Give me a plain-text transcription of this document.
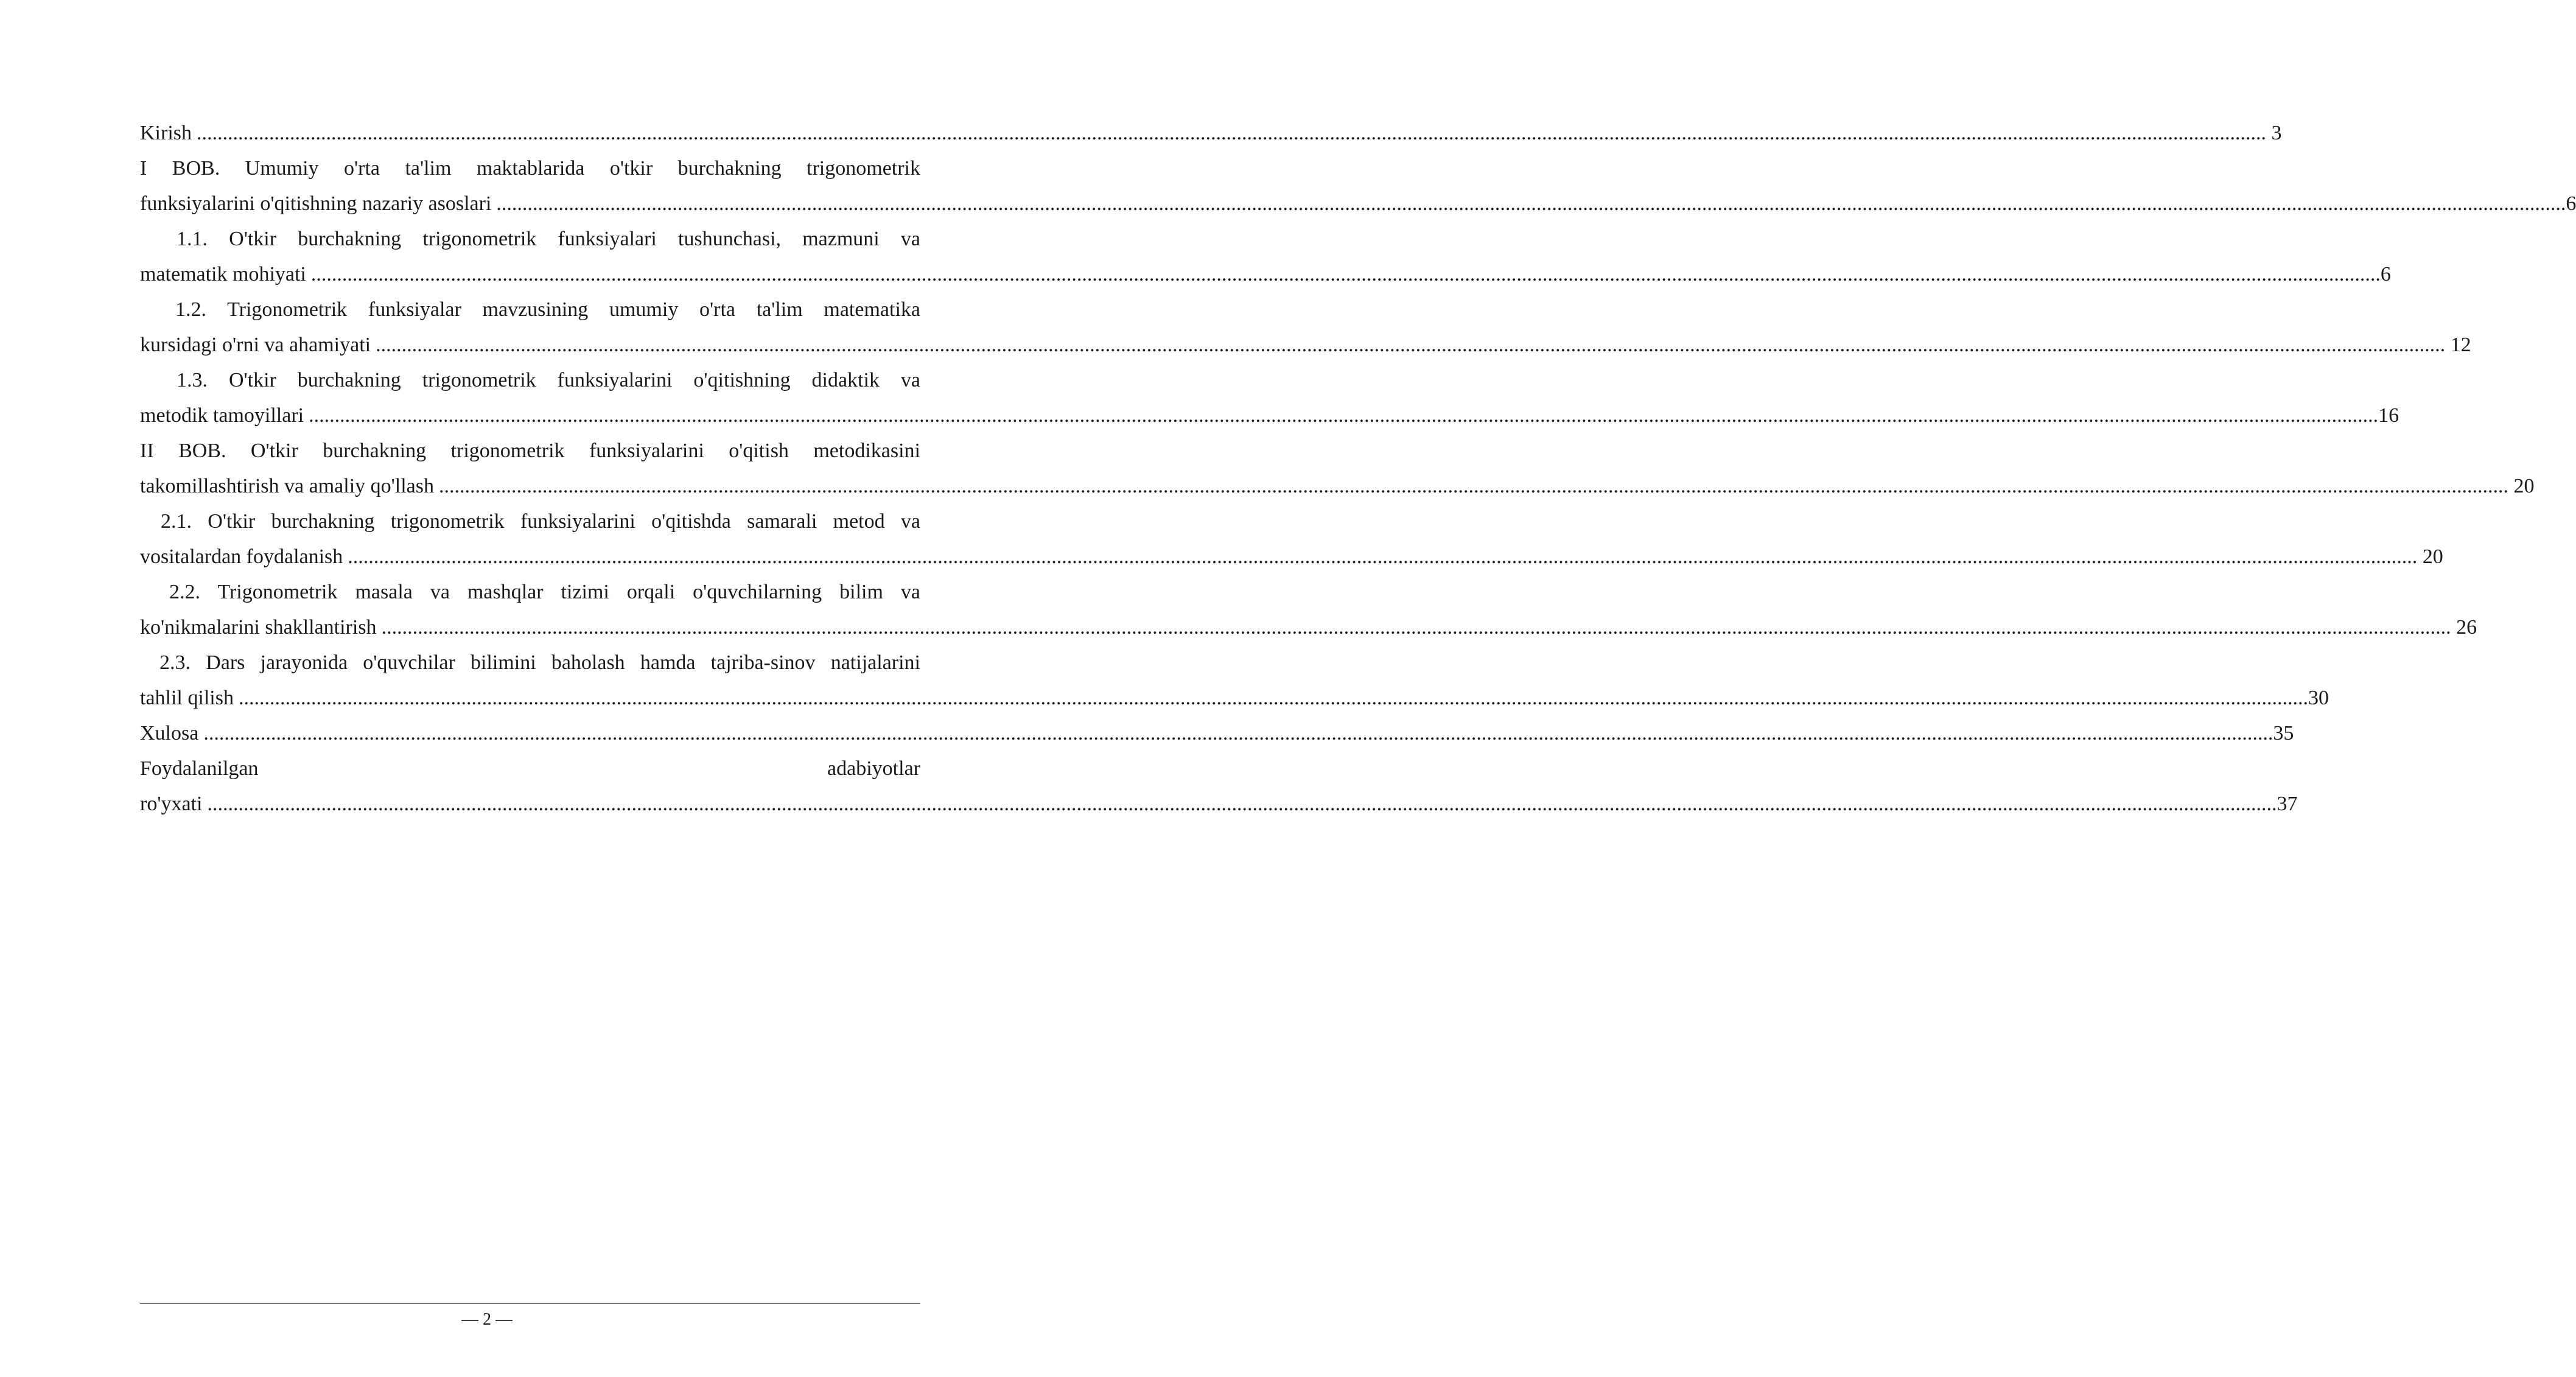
Kirish ................................................................................................................................................................................................................................................................................................................................................................................................................ 3
I BOB. Umumiy o'rta ta'lim maktablarida o'tkir burchakning trigonometrik
funksiyalarini o'qitishning nazariy asoslari ................................................................................................................................................................................................................................................................................................................................................................................................................ 6
1.1. O'tkir burchakning trigonometrik funksiyalari tushunchasi, mazmuni va
matematik mohiyati ................................................................................................................................................................................................................................................................................................................................................................................................................ 6
1.2. Trigonometrik funksiyalar mavzusining umumiy o'rta ta'lim matematika
kursidagi o'rni va ahamiyati ................................................................................................................................................................................................................................................................................................................................................................................................................ 12
1.3. O'tkir burchakning trigonometrik funksiyalarini o'qitishning didaktik va
metodik tamoyillari ................................................................................................................................................................................................................................................................................................................................................................................................................ 16
II BOB. O'tkir burchakning trigonometrik funksiyalarini o'qitish metodikasini
takomillashtirish va amaliy qo'llash ................................................................................................................................................................................................................................................................................................................................................................................................................ 20
2.1. O'tkir burchakning trigonometrik funksiyalarini o'qitishda samarali metod va
vositalardan foydalanish ................................................................................................................................................................................................................................................................................................................................................................................................................ 20
2.2. Trigonometrik masala va mashqlar tizimi orqali o'quvchilarning bilim va
ko'nikmalarini shakllantirish ................................................................................................................................................................................................................................................................................................................................................................................................................ 26
2.3. Dars jarayonida o'quvchilar bilimini baholash hamda tajriba-sinov natijalarini
tahlil qilish ................................................................................................................................................................................................................................................................................................................................................................................................................ 30
Xulosa ................................................................................................................................................................................................................................................................................................................................................................................................................ 35
Foydalanilgan adabiyotlar
ro'yxati ................................................................................................................................................................................................................................................................................................................................................................................................................ 37
— 2 —
